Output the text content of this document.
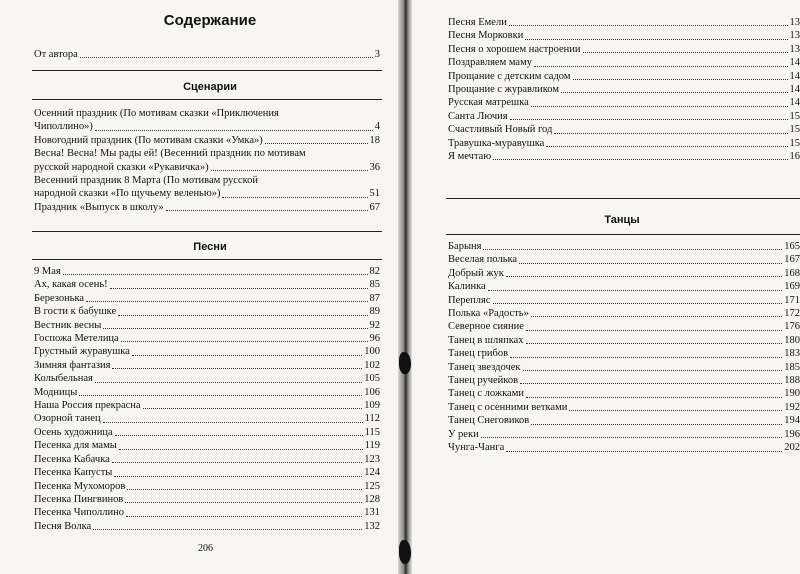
Содержание
От автора	3
Сценарии
Осенний праздник (По мотивам сказки «Приключения
Чиполлино»)	4
Новогодний праздник (По мотивам сказки «Умка»)	18
Весна! Весна! Мы рады ей! (Весенний праздник по мотивам
русской народной сказки «Рукавичка»)	36
Весенний праздник 8 Марта (По мотивам русской
народной сказки «По щучьему веленью»)	51
Праздник «Выпуск в школу»	67
Песни
9 Мая	82
Ах, какая осень!	85
Березонька	87
В гости к бабушке	89
Вестник весны	92
Госпожа Метелица	96
Грустный журавушка	100
Зимняя фантазия	102
Колыбельная	105
Модницы	106
Наша Россия прекрасна	109
Озорной танец	112
Осень художница	115
Песенка для мамы	119
Песенка Кабачка	123
Песенка Капусты	124
Песенка Мухоморов	125
Песенка Пингвинов	128
Песенка Чиполлино	131
Песня Волка	132
206
Песня Емели	13
Песня Морковки	13
Песня о хорошем настроении	13
Поздравляем маму	14
Прощание с детским садом	14
Прощание с журавликом	14
Русская матрешка	14
Санта Лючия	15
Счастливый Новый год	15
Травушка-муравушка	15
Я мечтаю	16
Танцы
Барыня	165
Веселая полька	167
Добрый жук	168
Калинка	169
Перепляс	171
Полька «Радость»	172
Северное сияние	176
Танец в шляпках	180
Танец грибов	183
Танец звездочек	185
Танец ручейков	188
Танец с ложками	190
Танец с осенними ветками	192
Танец Снеговиков	194
У реки	196
Чунга-Чанга	202
